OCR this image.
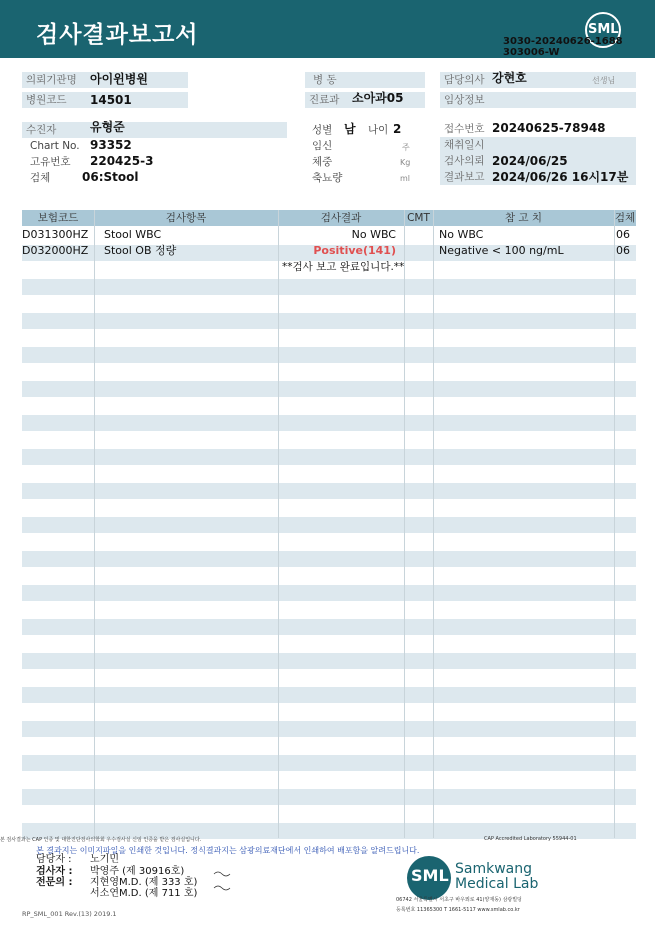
검사결과보고서	SML
3030-20240626-1688
303006-W
의뢰기관명	아이윈병원
병원코드	14501
수진자	유형준
Chart No. 93352
고유번호 220425-3
검체	06:Stool
병 동
진료과	소아과05
성별 남 나이 2
임신	주
체중	Kg
축뇨량	ml
담당의사 강현호	선생님
임상정보
접수번호 20240625-78948
채취일시
검사의뢰 2024/06/25
결과보고 2024/06/26 16시17분
보험코드	검사항목	검사결과	CMT	참 고 치	검체
D031300HZ Stool WBC	No WBC	No WBC	06
D032000HZ Stool OB 정량	Positive(141)	Negative < 100 ng/mL	06
**검사 보고 완료입니다.**
본 검사결과는 CAP 인증 및 대한진단검사의학회 우수검사실 신임 인증을 받은 검사실입니다.	CAP Accredited Laboratory 55944-01
본 결과지는 이미지파일을 인쇄한 것입니다. 정식결과지는 삼광의료재단에서 인쇄하여 배포함을 알려드립니다.
담당자 : 노기민
검사자 : 박영주 (제 30916호)
전문의 : 지현영M.D. (제 333 호)
서소연M.D. (제 711 호)
SML Samkwang
Medical Lab
06742 서울특별시 서초구 바우뫼로 41(양재동) 삼광빌딩
등록번호 11365300 T 1661-5117 www.smlab.co.kr
RP_SML_001 Rev.(13) 2019.1
